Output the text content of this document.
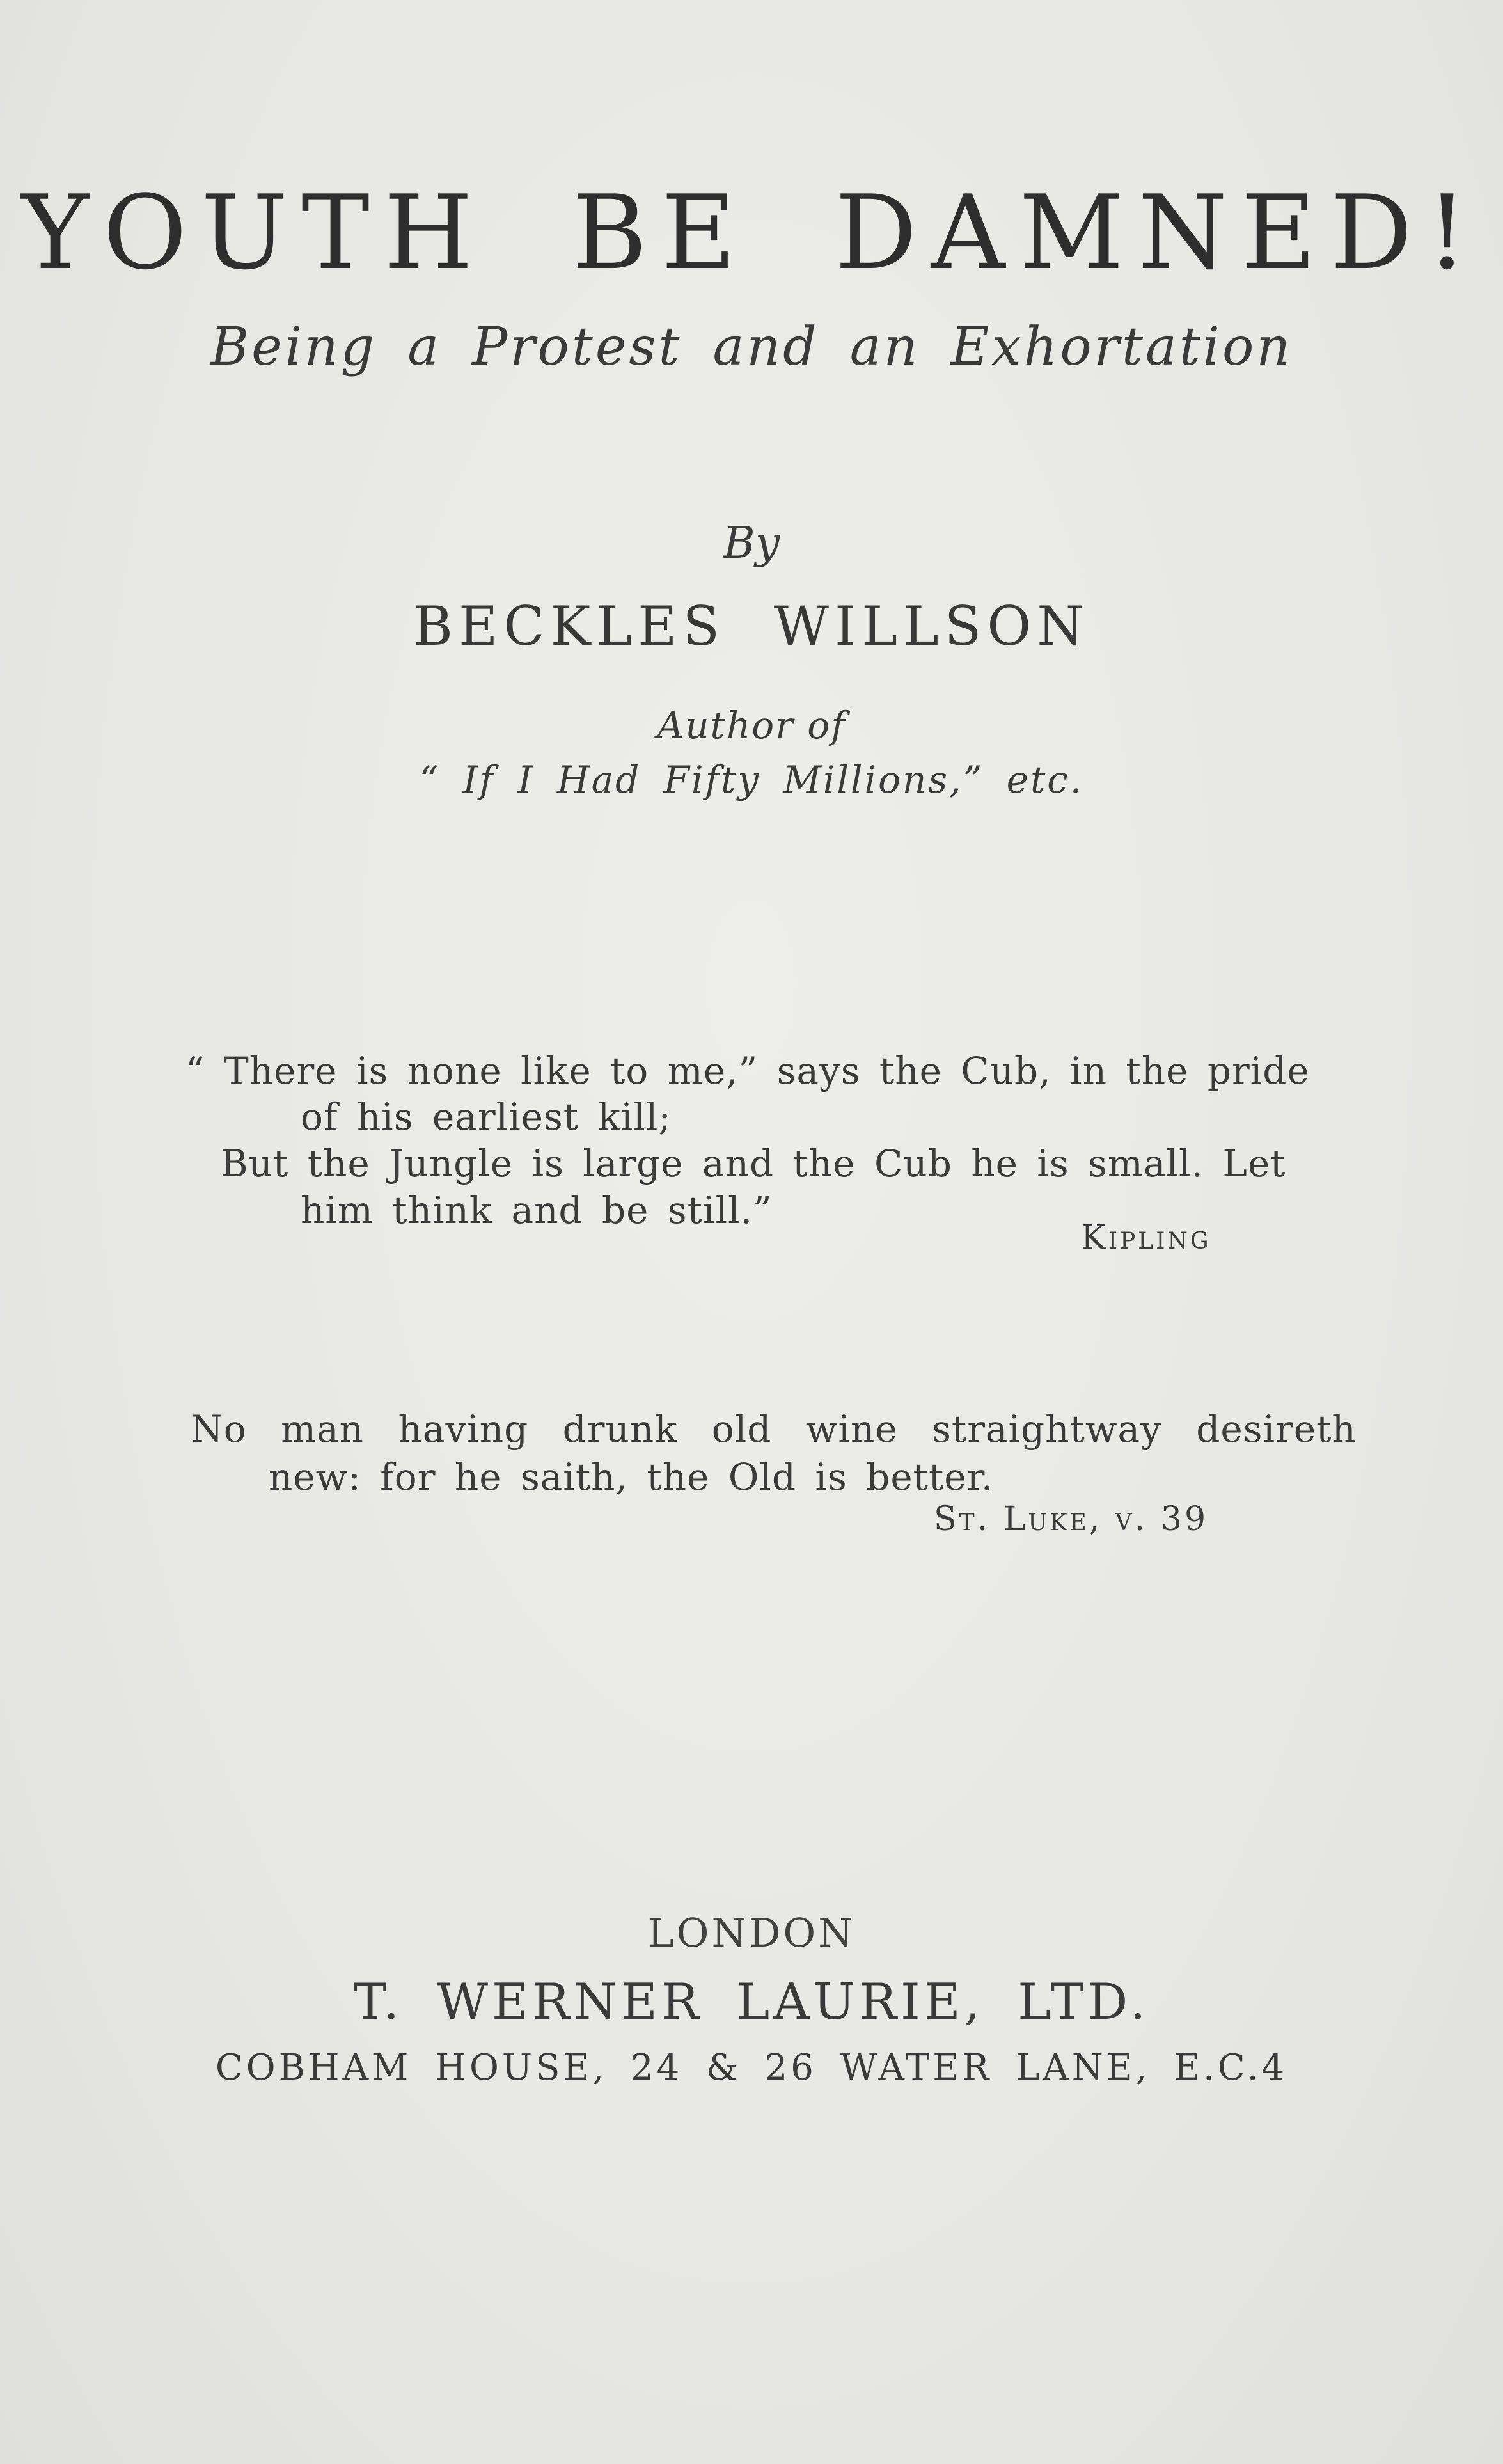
YOUTH BE DAMNED!
Being a Protest and an Exhortation
By
BECKLES WILLSON
Author of
“ If I Had Fifty Millions,” etc.
“ There is none like to me,” says the Cub, in the pride
of his earliest kill;
But the Jungle is large and the Cub he is small. Let
him think and be still.”
Kipling
No man having drunk old wine straightway desireth
new: for he saith, the Old is better.
St. Luke, v. 39
LONDON
T. WERNER LAURIE, LTD.
COBHAM HOUSE, 24 & 26 WATER LANE, E.C.4
